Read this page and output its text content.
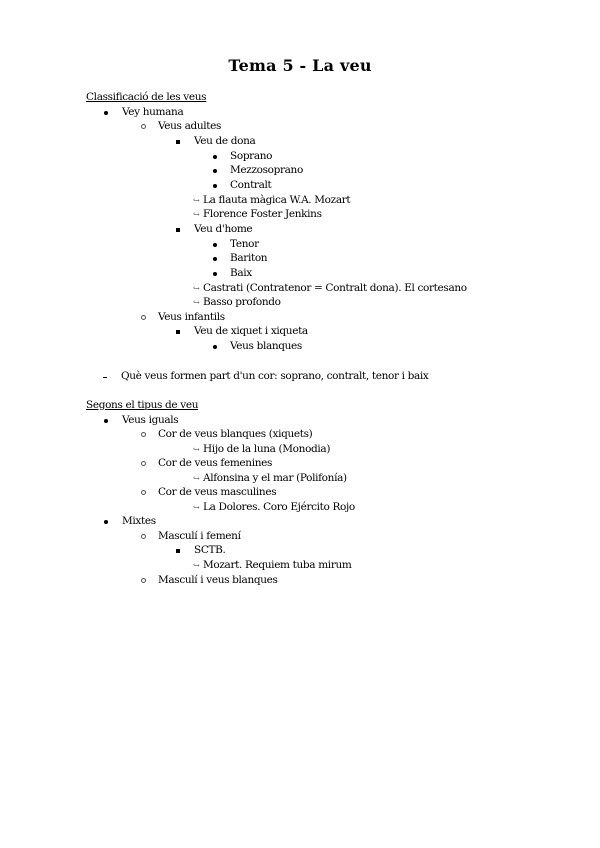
Tema 5 - La veu
Classificació de les veus
Vey humana
Veus adultes
Veu de dona
Soprano
Mezzosoprano
Contralt
↪ La flauta màgica W.A. Mozart
↪ Florence Foster Jenkins
Veu d'home
Tenor
Bariton
Baix
↪ Castrati (Contratenor = Contralt dona). El cortesano
↪ Basso profondo
Veus infantils
Veu de xiquet i xiqueta
Veus blanques
Què veus formen part d'un cor: soprano, contralt, tenor i baix
Segons el tipus de veu
Veus iguals
Cor de veus blanques (xiquets)
↪ Hijo de la luna (Monodia)
Cor de veus femenines
↪ Alfonsina y el mar (Polifonía)
Cor de veus masculines
↪ La Dolores. Coro Ejército Rojo
Mixtes
Masculí i femení
SCTB.
↪ Mozart. Requiem tuba mirum
Masculí i veus blanques
